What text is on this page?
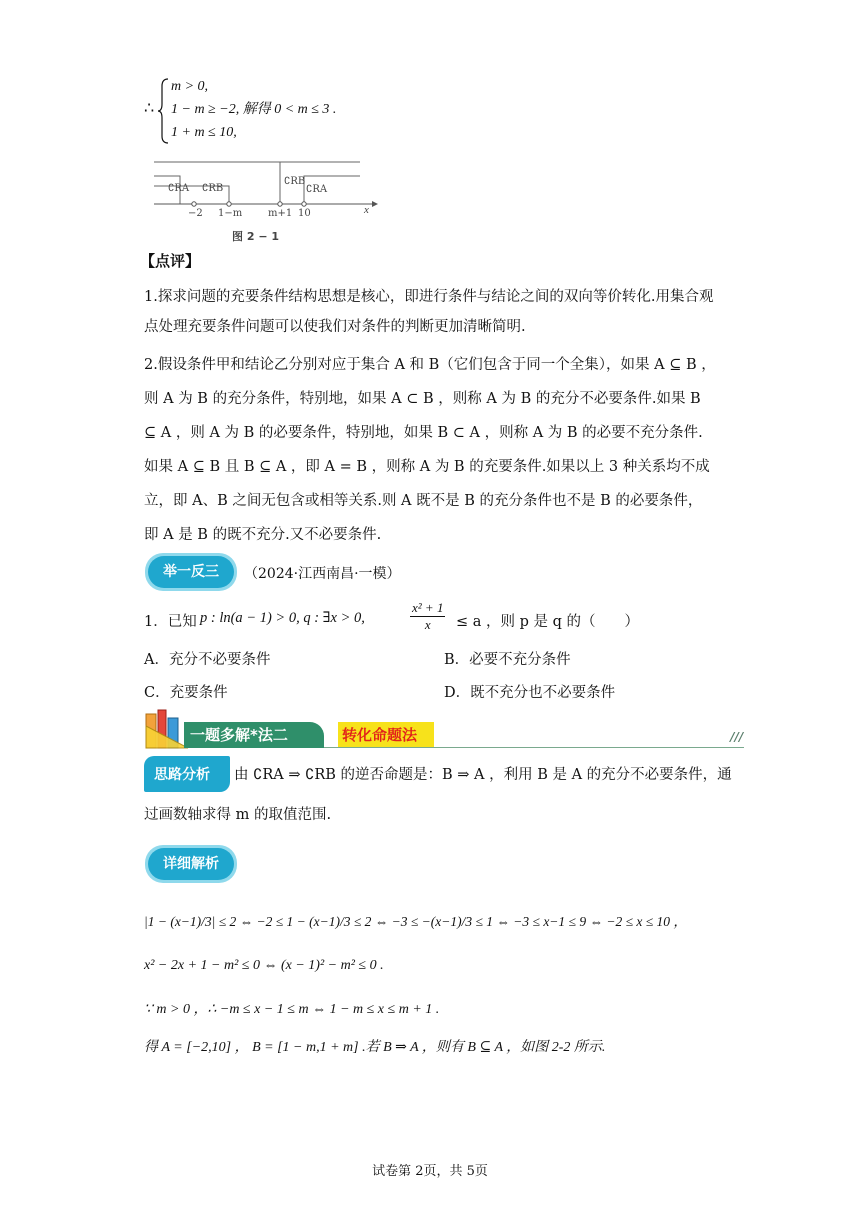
∴
m > 0,
1 − m ≥ −2, 解得 0 < m ≤ 3 .
1 + m ≤ 10,
∁RA ∁RB
∁RB
∁RA
−2 1−m	m+1 10	x
图 2 − 1
【点评】
1.探求问题的充要条件结构思想是核心，即进行条件与结论之间的双向等价转化.用集合观点处理充要条件问题可以使我们对条件的判断更加清晰简明.
2.假设条件甲和结论乙分别对应于集合 A 和 B（它们包含于同一个全集），如果 A ⊆ B ，则 A 为 B 的充分条件，特别地，如果 A ⊂ B ，则称 A 为 B 的充分不必要条件.如果 B ⊆ A ，则 A 为 B 的必要条件，特别地，如果 B ⊂ A ，则称 A 为 B 的必要不充分条件.如果 A ⊆ B 且 B ⊆ A ，即 A = B ，则称 A 为 B 的充要条件.如果以上 3 种关系均不成立，即 A、B 之间无包含或相等关系.则 A 既不是 B 的充分条件也不是 B 的必要条件，即 A 是 B 的既不充分.又不必要条件.
举一反三	（2024·江西南昌·一模）
1．已知 p : ln(a − 1) > 0, q : ∃x > 0,	$\frac{\text{x² + 1}}{x} \le a$ ，则 p 是 q 的（　　）
A．充分不必要条件	B．必要不充分条件
C．充要条件	D．既不充分也不必要条件
一题多解*法二	转化命题法	///
思路分析 由 ∁RA ⇒ ∁RB 的逆否命题是：B ⇒ A ，利用 B 是 A 的充分不必要条件，通
过画数轴求得 m 的取值范围.
详细解析
|1 − (x−1)/3| ≤ 2 ⇔ −2 ≤ 1 − (x−1)/3 ≤ 2 ⇔ −3 ≤ −(x−1)/3 ≤ 1 ⇔ −3 ≤ x−1 ≤ 9 ⇔ −2 ≤ x ≤ 10 ，
x² − 2x + 1 − m² ≤ 0 ⇔ (x − 1)² − m² ≤ 0 .
∵ m > 0 ，∴ −m ≤ x − 1 ≤ m ⇔ 1 − m ≤ x ≤ m + 1 .
得 A = [−2,10] ， B = [1 − m,1 + m] .若 B ⇒ A ，则有 B ⊆ A ，如图 2-2 所示.
试卷第 2页，共 5页
